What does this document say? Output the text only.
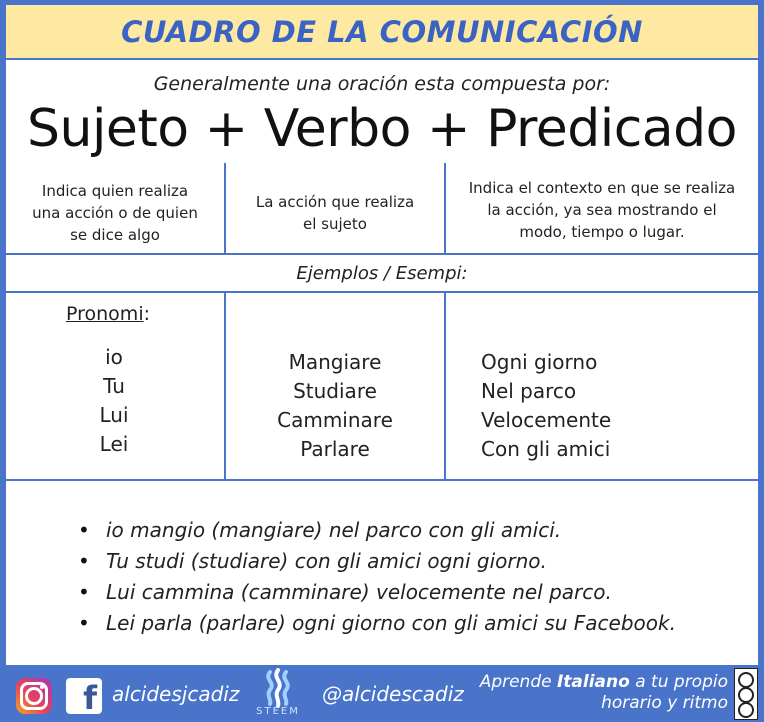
CUADRO DE LA COMUNICACIÓN
Generalmente una oración esta compuesta por:
Sujeto + Verbo + Predicado
Indica quien realiza
una acción o de quien
se dice algo
La acción que realiza
el sujeto
Indica el contexto en que se realiza
la acción, ya sea mostrando el
modo, tiempo o lugar.
Ejemplos / Esempi:
Pronomi:
io
Tu
Lui
Lei
Mangiare
Studiare
Camminare
Parlare
Ogni giorno
Nel parco
Velocemente
Con gli amici
• io mangio (mangiare) nel parco con gli amici.
• Tu studi (studiare) con gli amici ogni giorno.
• Lui cammina (camminare) velocemente nel parco.
• Lei parla (parlare) ogni giorno con gli amici su Facebook.
f alcidesjcadiz
STEEM
@alcidescadiz Aprende Italiano a tu propio
horario y ritmo
